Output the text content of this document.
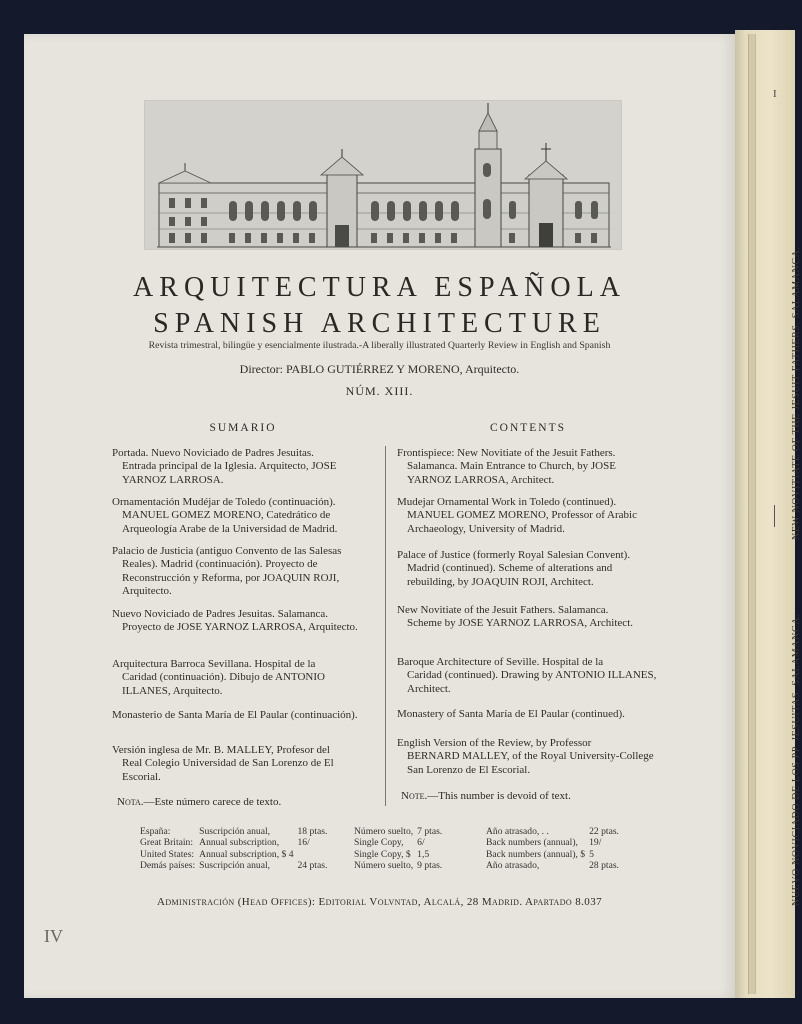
I
NEW NOVITIATE OF THE JESUIT FATHERS. SALAMANCA.
NUEVO NOVICIADO DE LOS PP. JESUITAS. SALAMANCA.
ARQUITECTURA ESPAÑOLA
SPANISH ARCHITECTURE
Revista trimestral, bilingüe y esencialmente ilustrada.-A liberally illustrated Quarterly Review in English and Spanish
Director: PABLO GUTIÉRREZ Y MORENO, Arquitecto.
NÚM. XIII.
SUMARIO

Portada. Nuevo Noviciado de Padres Jesuitas.

Entrada principal de la Iglesia. Arquitecto, JOSE YARNOZ LARROSA.

Ornamentación Mudéjar de Toledo (continuación).

MANUEL GOMEZ MORENO, Catedrático de Arqueología Arabe de la Universidad de Madrid.

Palacio de Justicia (antiguo Convento de las Salesas

Reales). Madrid (continuación). Proyecto de Reconstrucción y Reforma, por JOAQUIN ROJI, Arquitecto.

Nuevo Noviciado de Padres Jesuitas. Salamanca.

Proyecto de JOSE YARNOZ LARROSA, Arquitecto.

Arquitectura Barroca Sevillana. Hospital de la

Caridad (continuación). Dibujo de ANTONIO ILLANES, Arquitecto.

Monasterio de Santa María de El Paular (continuación).

Versión inglesa de Mr. B. MALLEY, Profesor del

Real Colegio Universidad de San Lorenzo de El Escorial.

Nota.—Este número carece de texto.
CONTENTS

Frontispiece: New Novitiate of the Jesuit Fathers.

Salamanca. Main Entrance to Church, by JOSE YARNOZ LARROSA, Architect.

Mudejar Ornamental Work in Toledo (continued).

MANUEL GOMEZ MORENO, Professor of Arabic Archaeology, University of Madrid.

Palace of Justice (formerly Royal Salesian Convent).

Madrid (continued). Scheme of alterations and rebuilding, by JOAQUIN ROJI, Architect.

New Novitiate of the Jesuit Fathers. Salamanca.

Scheme by JOSE YARNOZ LARROSA, Architect.

Baroque Architecture of Seville. Hospital de la

Caridad (continued). Drawing by ANTONIO ILLANES, Architect.

Monastery of Santa María de El Paular (continued).

English Version of the Review, by Professor

BERNARD MALLEY, of the Royal University-College San Lorenzo de El Escorial.

Note.—This number is devoid of text.
España:	Suscripción anual,	18 ptas.
Great Britain:	Annual subscription,	16/
United States:	Annual subscription, $ 4	
Demás países:	Suscripción anual,	24 ptas.
Número suelto,	7 ptas.
Single Copy,	6/
Single Copy, $	1,5
Número suelto,	9 ptas.
Año atrasado, . .	22 ptas.
Back numbers (annual),	19/
Back numbers (annual), $	5
Año atrasado,	28 ptas.
Administración (Head Offices): Editorial Volvntad, Alcalá, 28 Madrid. Apartado 8.037
IV
